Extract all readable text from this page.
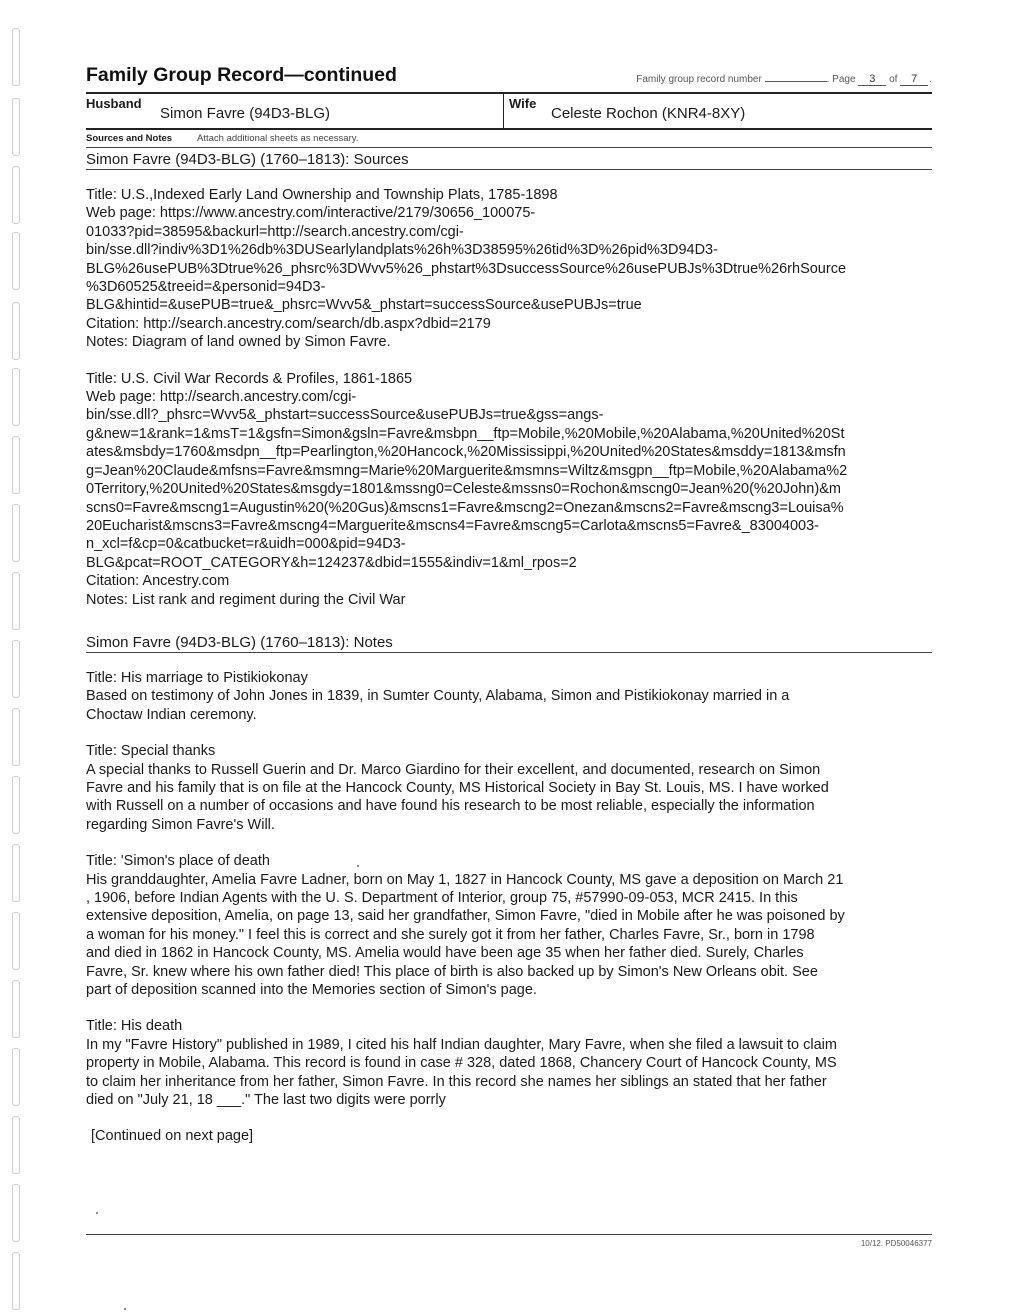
Family Group Record—continued	Family group record number	. Page 3 of 7 .
Husband
Simon Favre (94D3-BLG)
Wife
Celeste Rochon (KNR4-8XY)
Sources and Notes	Attach additional sheets as necessary.
Simon Favre (94D3-BLG) (1760–1813): Sources

Title: U.S.,Indexed Early Land Ownership and Township Plats, 1785-1898

Web page: https://www.ancestry.com/interactive/2179/30656_100075-

01033?pid=38595&backurl=http://search.ancestry.com/cgi-

bin/sse.dll?indiv%3D1%26db%3DUSearlylandplats%26h%3D38595%26tid%3D%26pid%3D94D3-

BLG%26usePUB%3Dtrue%26_phsrc%3DWvv5%26_phstart%3DsuccessSource%26usePUBJs%3Dtrue%26rhSource

%3D60525&treeid=&personid=94D3-

BLG&hintid=&usePUB=true&_phsrc=Wvv5&_phstart=successSource&usePUBJs=true

Citation: http://search.ancestry.com/search/db.aspx?dbid=2179

Notes: Diagram of land owned by Simon Favre.

Title: U.S. Civil War Records & Profiles, 1861-1865

Web page: http://search.ancestry.com/cgi-

bin/sse.dll?_phsrc=Wvv5&_phstart=successSource&usePUBJs=true&gss=angs-

g&new=1&rank=1&msT=1&gsfn=Simon&gsln=Favre&msbpn__ftp=Mobile,%20Mobile,%20Alabama,%20United%20St

ates&msbdy=1760&msdpn__ftp=Pearlington,%20Hancock,%20Mississippi,%20United%20States&msddy=1813&msfn

g=Jean%20Claude&mfsns=Favre&msmng=Marie%20Marguerite&msmns=Wiltz&msgpn__ftp=Mobile,%20Alabama%2

0Territory,%20United%20States&msgdy=1801&mssng0=Celeste&mssns0=Rochon&mscng0=Jean%20(%20John)&m

scns0=Favre&mscng1=Augustin%20(%20Gus)&mscns1=Favre&mscng2=Onezan&mscns2=Favre&mscng3=Louisa%

20Eucharist&mscns3=Favre&mscng4=Marguerite&mscns4=Favre&mscng5=Carlota&mscns5=Favre&_83004003-

n_xcl=f&cp=0&catbucket=r&uidh=000&pid=94D3-

BLG&pcat=ROOT_CATEGORY&h=124237&dbid=1555&indiv=1&ml_rpos=2

Citation: Ancestry.com

Notes: List rank and regiment during the Civil War

Simon Favre (94D3-BLG) (1760–1813): Notes

Title: His marriage to Pistikiokonay

Based on testimony of John Jones in 1839, in Sumter County, Alabama, Simon and Pistikiokonay married in a

Choctaw Indian ceremony.

Title: Special thanks

A special thanks to Russell Guerin and Dr. Marco Giardino for their excellent, and documented, research on Simon

Favre and his family that is on file at the Hancock County, MS Historical Society in Bay St. Louis, MS. I have worked

with Russell on a number of occasions and have found his research to be most reliable, especially the information

regarding Simon Favre's Will.

Title: 'Simon's place of death

His granddaughter, Amelia Favre Ladner, born on May 1, 1827 in Hancock County, MS gave a deposition on March 21

, 1906, before Indian Agents with the U. S. Department of Interior, group 75, #57990-09-053, MCR 2415. In this

extensive deposition, Amelia, on page 13, said her grandfather, Simon Favre, "died in Mobile after he was poisoned by

a woman for his money." I feel this is correct and she surely got it from her father, Charles Favre, Sr., born in 1798

and died in 1862 in Hancock County, MS. Amelia would have been age 35 when her father died. Surely, Charles

Favre, Sr. knew where his own father died! This place of birth is also backed up by Simon's New Orleans obit. See

part of deposition scanned into the Memories section of Simon's page.

Title: His death

In my "Favre History" published in 1989, I cited his half Indian daughter, Mary Favre, when she filed a lawsuit to claim

property in Mobile, Alabama. This record is found in case # 328, dated 1868, Chancery Court of Hancock County, MS

to claim her inheritance from her father, Simon Favre. In this record she names her siblings an stated that her father

died on "July 21, 18 ___." The last two digits were porrly

[Continued on next page]

10/12. PD50046377
